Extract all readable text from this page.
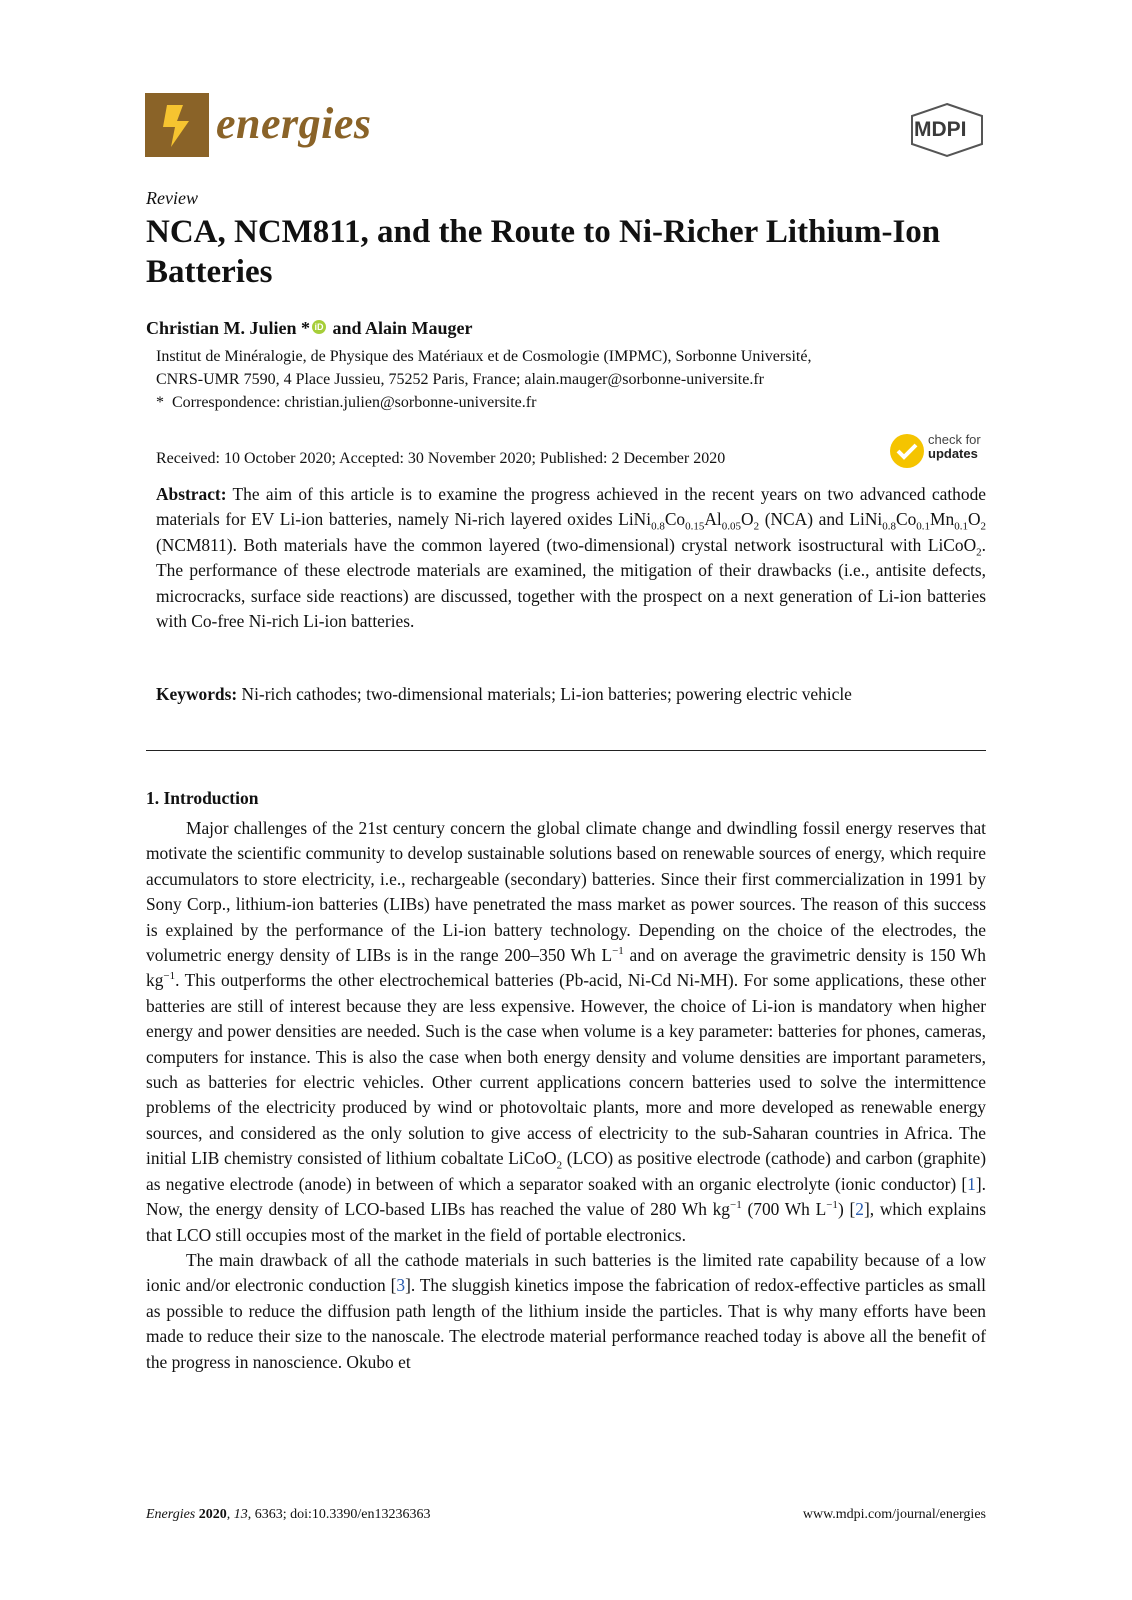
energies	MDPI
Review
NCA, NCM811, and the Route to Ni-Richer Lithium-Ion Batteries
Christian M. Julien * iD and Alain Mauger
Institut de Minéralogie, de Physique des Matériaux et de Cosmologie (IMPMC), Sorbonne Université,
CNRS-UMR 7590, 4 Place Jussieu, 75252 Paris, France; alain.mauger@sorbonne-universite.fr
* Correspondence: christian.julien@sorbonne-universite.fr
Received: 10 October 2020; Accepted: 30 November 2020; Published: 2 December 2020
check for
updates
Abstract: The aim of this article is to examine the progress achieved in the recent years on two advanced cathode materials for EV Li-ion batteries, namely Ni-rich layered oxides $LiNi_{0.8}Co_{0.15}Al_{0.05}O_2$ (NCA) and $LiNi_{0.8}Co_{0.1}Mn_{0.1}O_2$ (NCM811). Both materials have the common layered (two-dimensional) crystal network isostructural with LiCoO$_2$. The performance of these electrode materials are examined, the mitigation of their drawbacks (i.e., antisite defects, microcracks, surface side reactions) are discussed, together with the prospect on a next generation of Li-ion batteries with Co-free Ni-rich Li-ion batteries.
Keywords: Ni-rich cathodes; two-dimensional materials; Li-ion batteries; powering electric vehicle
1. Introduction
Major challenges of the 21st century concern the global climate change and dwindling fossil energy reserves that motivate the scientific community to develop sustainable solutions based on renewable sources of energy, which require accumulators to store electricity, i.e., rechargeable (secondary) batteries. Since their first commercialization in 1991 by Sony Corp., lithium-ion batteries (LIBs) have penetrated the mass market as power sources. The reason of this success is explained by the performance of the Li-ion battery technology. Depending on the choice of the electrodes, the volumetric energy density of LIBs is in the range 200–350 Wh $L^{-1}$ and on average the gravimetric density is 150 Wh $kg^{-1}$. This outperforms the other electrochemical batteries (Pb-acid, Ni-Cd Ni-MH). For some applications, these other batteries are still of interest because they are less expensive. However, the choice of Li-ion is mandatory when higher energy and power densities are needed. Such is the case when volume is a key parameter: batteries for phones, cameras, computers for instance. This is also the case when both energy density and volume densities are important parameters, such as batteries for electric vehicles. Other current applications concern batteries used to solve the intermittence problems of the electricity produced by wind or photovoltaic plants, more and more developed as renewable energy sources, and considered as the only solution to give access of electricity to the sub-Saharan countries in Africa. The initial LIB chemistry consisted of lithium cobaltate LiCoO$_2$ (LCO) as positive electrode (cathode) and carbon (graphite) as negative electrode (anode) in between of which a separator soaked with an organic electrolyte (ionic conductor) [1]. Now, the energy density of LCO-based LIBs has reached the value of 280 Wh $kg^{-1}$ (700 Wh $L^{-1}$) [2], which explains that LCO still occupies most of the market in the field of portable electronics.
The main drawback of all the cathode materials in such batteries is the limited rate capability because of a low ionic and/or electronic conduction [3]. The sluggish kinetics impose the fabrication of redox-effective particles as small as possible to reduce the diffusion path length of the lithium inside the particles. That is why many efforts have been made to reduce their size to the nanoscale. The electrode material performance reached today is above all the benefit of the progress in nanoscience. Okubo et
Energies 2020, 13, 6363; doi:10.3390/en13236363	www.mdpi.com/journal/energies
